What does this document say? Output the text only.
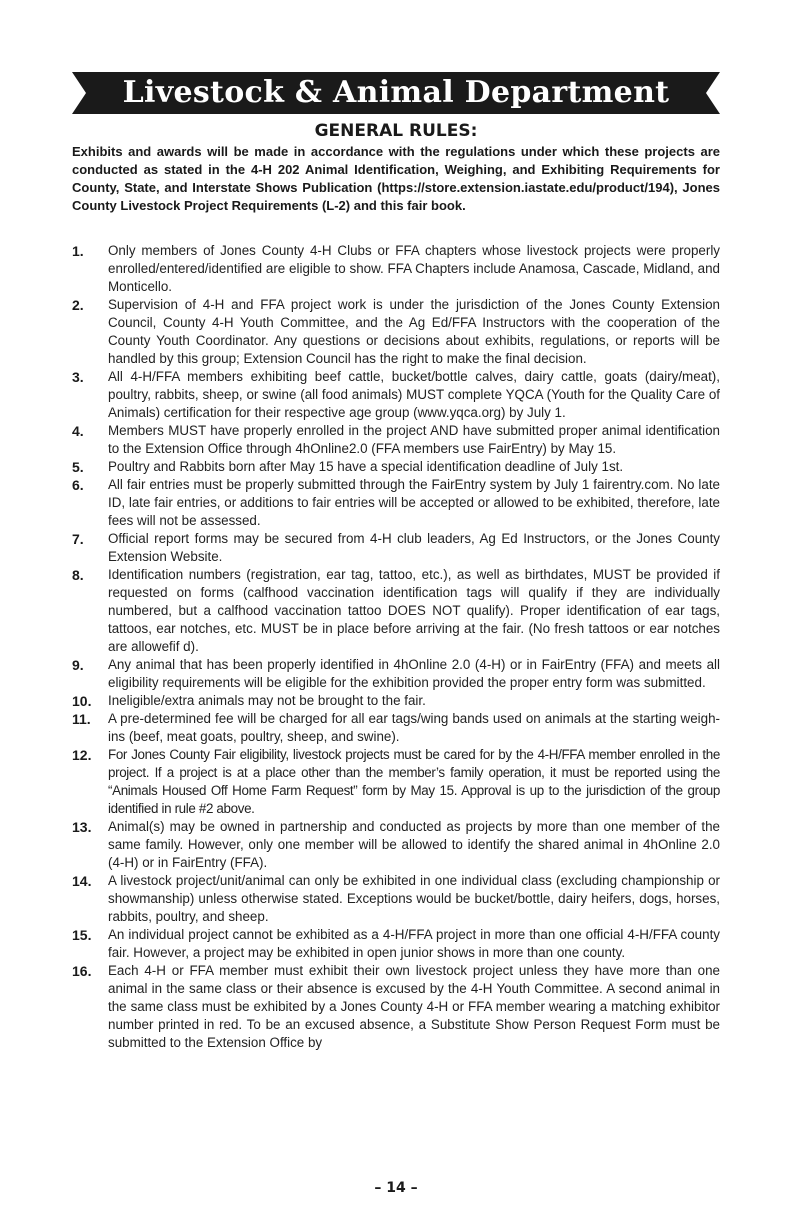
Livestock & Animal Department
GENERAL RULES:

Exhibits and awards will be made in accordance with the regulations under which these projects are conducted as stated in the 4-H 202 Animal Identification, Weighing, and Exhibiting Requirements for County, State, and Interstate Shows Publication (https://store.extension.iastate.edu/product/194), Jones County Livestock Project Requirements (L-2) and this fair book.

1.	Only members of Jones County 4-H Clubs or FFA chapters whose livestock projects were properly enrolled/entered/identified are eligible to show. FFA Chapters include Anamosa, Cascade, Midland, and Monticello.
2.	Supervision of 4-H and FFA project work is under the jurisdiction of the Jones County Extension Council, County 4-H Youth Committee, and the Ag Ed/FFA Instructors with the cooperation of the County Youth Coordinator. Any questions or decisions about exhibits, regulations, or reports will be handled by this group; Extension Council has the right to make the final decision.
3.	All 4-H/FFA members exhibiting beef cattle, bucket/bottle calves, dairy cattle, goats (dairy/meat), poultry, rabbits, sheep, or swine (all food animals) MUST complete YQCA (Youth for the Quality Care of Animals) certification for their respective age group (www.yqca.org) by July 1.
4.	Members MUST have properly enrolled in the project AND have submitted proper animal identification to the Extension Office through 4hOnline2.0 (FFA members use FairEntry) by May 15.
5.	Poultry and Rabbits born after May 15 have a special identification deadline of July 1st.
6.	All fair entries must be properly submitted through the FairEntry system by July 1 fairentry.com. No late ID, late fair entries, or additions to fair entries will be accepted or allowed to be exhibited, therefore, late fees will not be assessed.
7.	Official report forms may be secured from 4-H club leaders, Ag Ed Instructors, or the Jones County Extension Website.
8.	Identification numbers (registration, ear tag, tattoo, etc.), as well as birthdates, MUST be provided if requested on forms (calfhood vaccination identification tags will qualify if they are individually numbered, but a calfhood vaccination tattoo DOES NOT qualify). Proper identification of ear tags, tattoos, ear notches, etc. MUST be in place before arriving at the fair. (No fresh tattoos or ear notches are allowefif d).
9.	Any animal that has been properly identified in 4hOnline 2.0 (4-H) or in FairEntry (FFA) and meets all eligibility requirements will be eligible for the exhibition provided the proper entry form was submitted.
10.	Ineligible/extra animals may not be brought to the fair.
11.	A pre-determined fee will be charged for all ear tags/wing bands used on animals at the starting weigh-ins (beef, meat goats, poultry, sheep, and swine).
12.	For Jones County Fair eligibility, livestock projects must be cared for by the 4-H/FFA member enrolled in the project. If a project is at a place other than the member’s family operation, it must be reported using the “Animals Housed Off Home Farm Request” form by May 15. Approval is up to the jurisdiction of the group identified in rule #2 above.
13.	Animal(s) may be owned in partnership and conducted as projects by more than one member of the same family. However, only one member will be allowed to identify the shared animal in 4hOnline 2.0 (4-H) or in FairEntry (FFA).
14.	A livestock project/unit/animal can only be exhibited in one individual class (excluding championship or showmanship) unless otherwise stated. Exceptions would be bucket/bottle, dairy heifers, dogs, horses, rabbits, poultry, and sheep.
15.	An individual project cannot be exhibited as a 4-H/FFA project in more than one official 4-H/FFA county fair. However, a project may be exhibited in open junior shows in more than one county.
16.	Each 4-H or FFA member must exhibit their own livestock project unless they have more than one animal in the same class or their absence is excused by the 4-H Youth Committee. A second animal in the same class must be exhibited by a Jones County 4-H or FFA member wearing a matching exhibitor number printed in red. To be an excused absence, a Substitute Show Person Request Form must be submitted to the Extension Office by
– 14 –
